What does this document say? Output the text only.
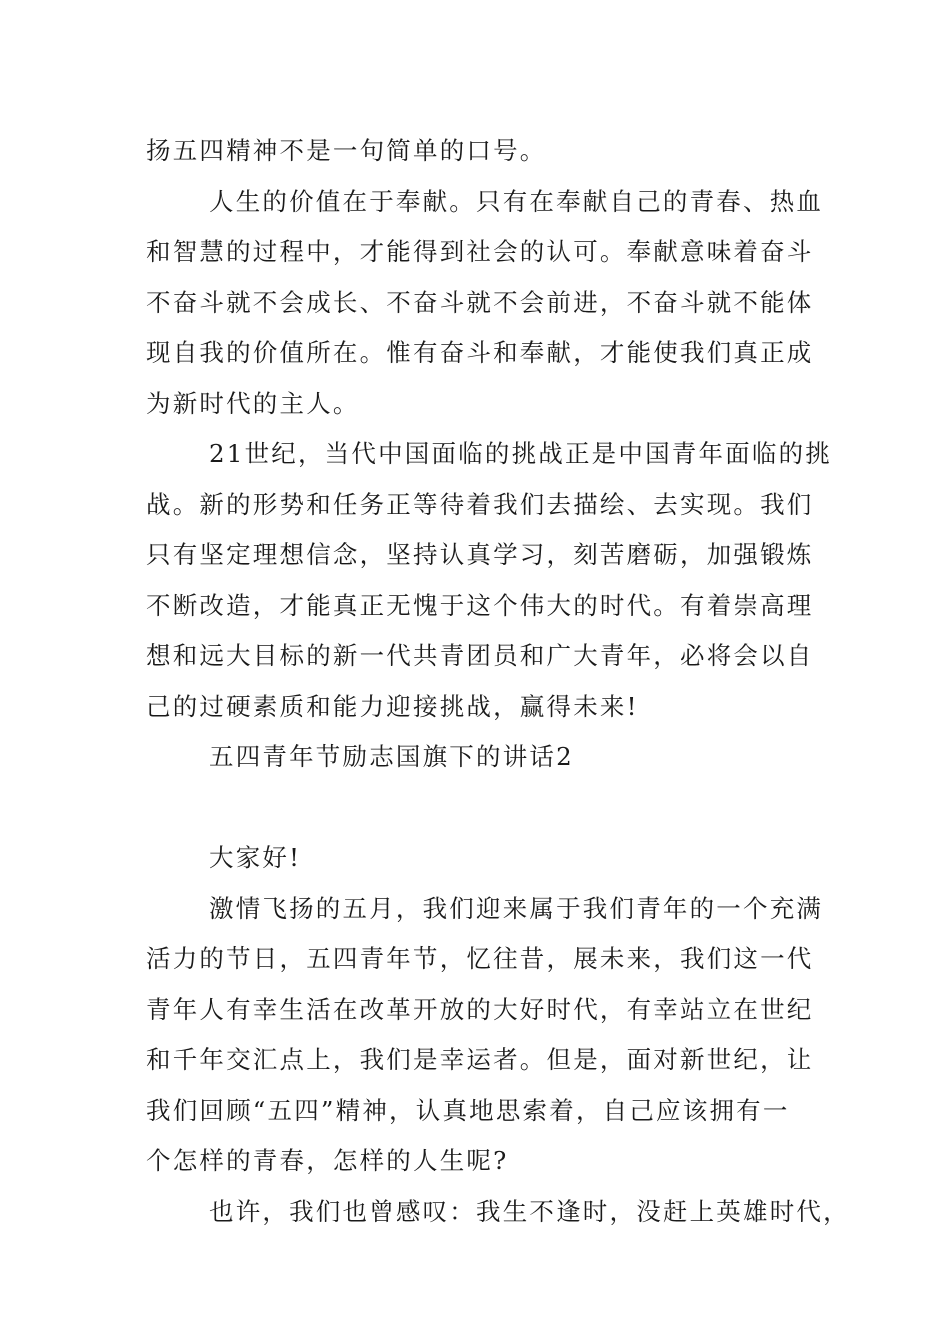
扬五四精神不是一句简单的口号。
人生的价值在于奉献。只有在奉献自己的青春、热血
和智慧的过程中，才能得到社会的认可。奉献意味着奋斗
不奋斗就不会成长、不奋斗就不会前进，不奋斗就不能体
现自我的价值所在。惟有奋斗和奉献，才能使我们真正成
为新时代的主人。
21世纪，当代中国面临的挑战正是中国青年面临的挑
战。新的形势和任务正等待着我们去描绘、去实现。我们
只有坚定理想信念，坚持认真学习，刻苦磨砺，加强锻炼
不断改造，才能真正无愧于这个伟大的时代。有着崇高理
想和远大目标的新一代共青团员和广大青年，必将会以自
己的过硬素质和能力迎接挑战，赢得未来!
五四青年节励志国旗下的讲话2
大家好!
激情飞扬的五月，我们迎来属于我们青年的一个充满
活力的节日，五四青年节，忆往昔，展未来，我们这一代
青年人有幸生活在改革开放的大好时代，有幸站立在世纪
和千年交汇点上，我们是幸运者。但是，面对新世纪，让
我们回顾“五四”精神，认真地思索着，自己应该拥有一
个怎样的青春，怎样的人生呢?
也许，我们也曾感叹：我生不逢时，没赶上英雄时代，
